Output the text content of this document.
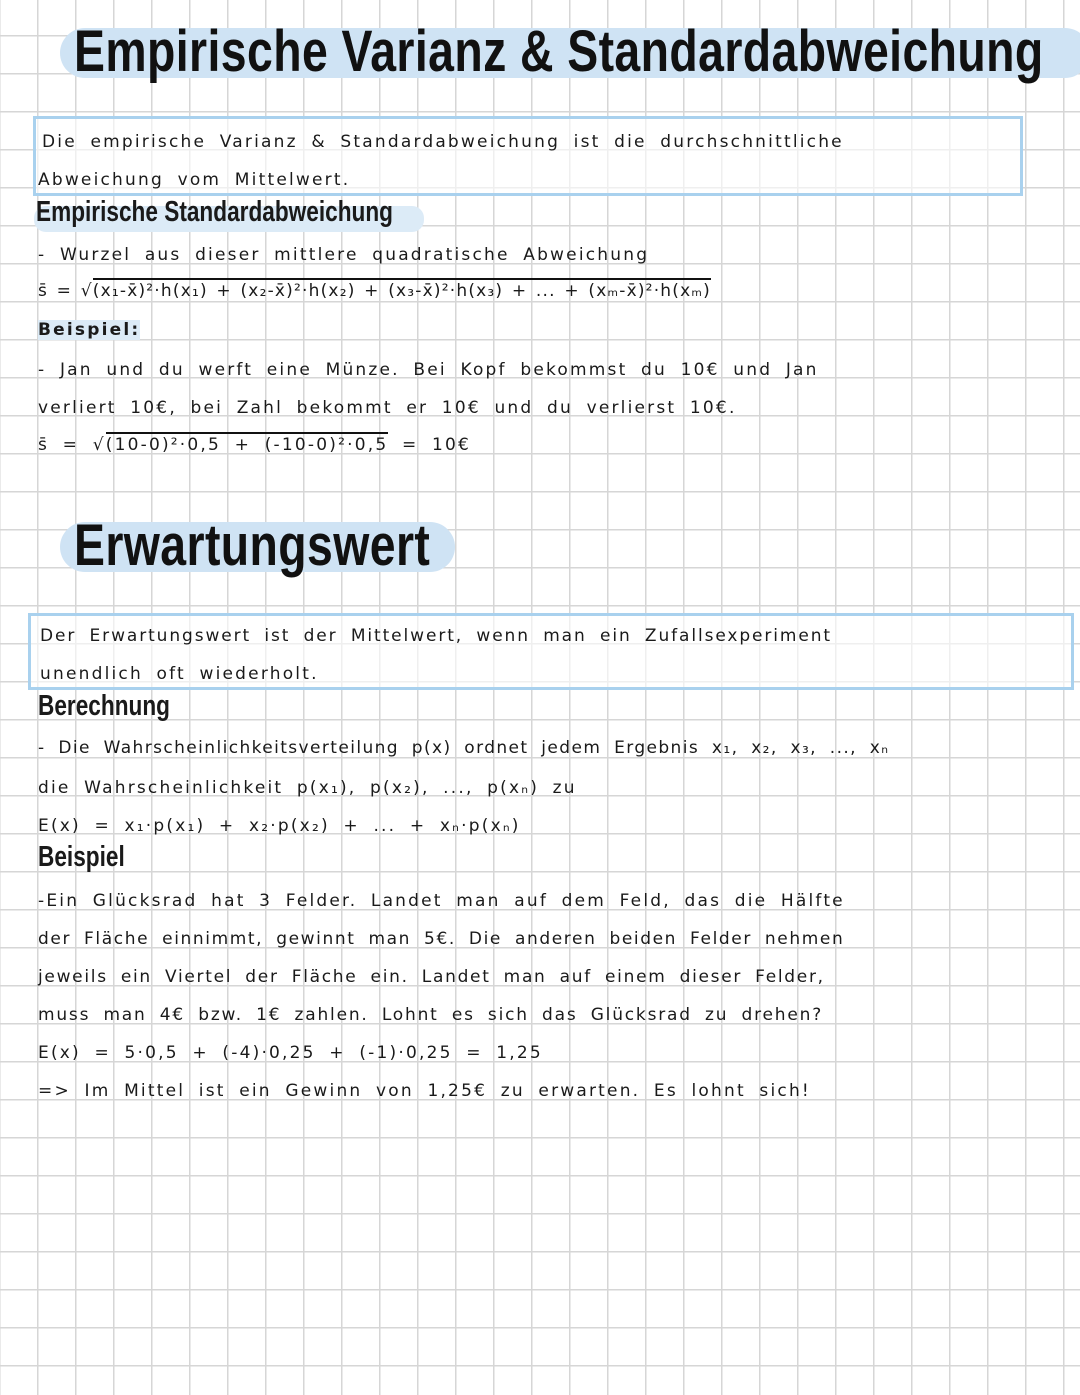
Empirische Varianz & Standardabweichung
Die empirische Varianz & Standardabweichung ist die durchschnittliche
Abweichung vom Mittelwert.
Empirische Standardabweichung
- Wurzel aus dieser mittlere quadratische Abweichung
s̄ = √(x₁-x̄)²·h(x₁) + (x₂-x̄)²·h(x₂) + (x₃-x̄)²·h(x₃) + ... + (xₘ-x̄)²·h(xₘ)
Beispiel:
- Jan und du werft eine Münze. Bei Kopf bekommst du 10€ und Jan
verliert 10€, bei Zahl bekommt er 10€ und du verlierst 10€.
s̄ = √(10-0)²·0,5 + (-10-0)²·0,5 = 10€
Erwartungswert
Der Erwartungswert ist der Mittelwert, wenn man ein Zufallsexperiment
unendlich oft wiederholt.
Berechnung
- Die Wahrscheinlichkeitsverteilung p(x) ordnet jedem Ergebnis x₁, x₂, x₃, ..., xₙ
die Wahrscheinlichkeit p(x₁), p(x₂), ..., p(xₙ) zu
E(x) = x₁·p(x₁) + x₂·p(x₂) + ... + xₙ·p(xₙ)
Beispiel
-Ein Glücksrad hat 3 Felder. Landet man auf dem Feld, das die Hälfte
der Fläche einnimmt, gewinnt man 5€. Die anderen beiden Felder nehmen
jeweils ein Viertel der Fläche ein. Landet man auf einem dieser Felder,
muss man 4€ bzw. 1€ zahlen. Lohnt es sich das Glücksrad zu drehen?
E(x) = 5·0,5 + (-4)·0,25 + (-1)·0,25 = 1,25
=> Im Mittel ist ein Gewinn von 1,25€ zu erwarten. Es lohnt sich!
